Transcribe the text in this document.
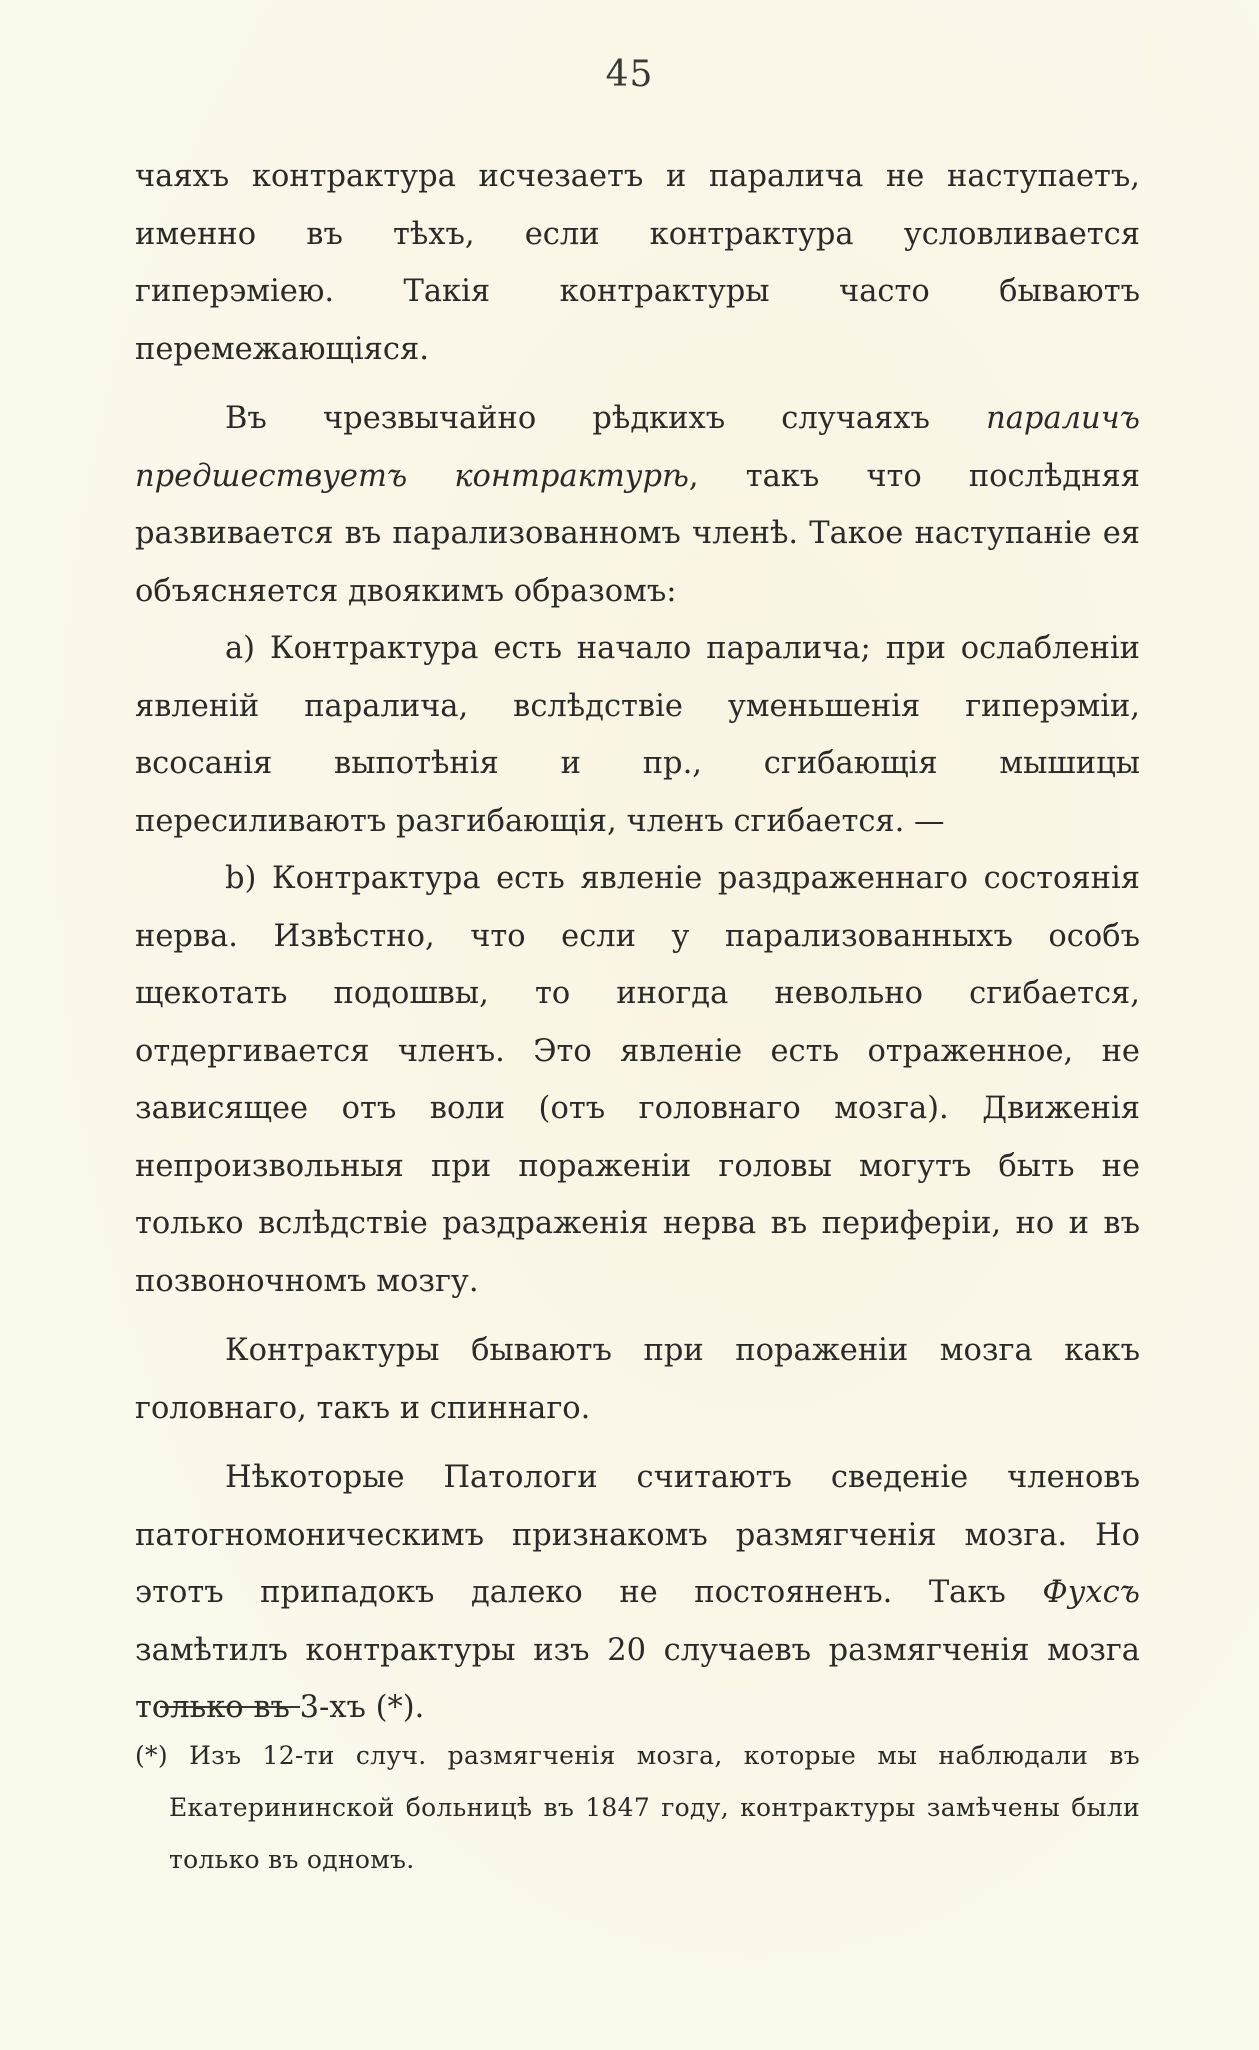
45

чаяхъ контрактура исчезаетъ и паралича не наступаетъ, именно въ тѣхъ, если контрактура условливается гиперэміею. Такія контрактуры часто бываютъ перемежающіяся.

Въ чрезвычайно рѣдкихъ случаяхъ параличъ предшествуетъ контрактурѣ, такъ что послѣдняя развивается въ парализованномъ членѣ. Такое наступаніе ея объясняется двоякимъ образомъ:

a) Контрактура есть начало паралича; при ослабленіи явленій паралича, вслѣдствіе уменьшенія гиперэміи, всосанія выпотѣнія и пр., сгибающія мышицы пересиливаютъ разгибающія, членъ сгибается. —

b) Контрактура есть явленіе раздраженнаго состоянія нерва. Извѣстно, что если у парализованныхъ особъ щекотать подошвы, то иногда невольно сгибается, отдергивается членъ. Это явленіе есть отраженное, не зависящее отъ воли (отъ головнаго мозга). Движенія непроизвольныя при пораженіи головы могутъ быть не только вслѣдствіе раздраженія нерва въ периферіи, но и въ позвоночномъ мозгу.

Контрактуры бываютъ при пораженіи мозга какъ головнаго, такъ и спиннаго.

Нѣкоторые Патологи считаютъ сведеніе членовъ патогномоническимъ признакомъ размягченія мозга. Но этотъ припадокъ далеко не постояненъ. Такъ Фухсъ замѣтилъ контрактуры изъ 20 случаевъ размягченія мозга только въ 3-хъ (*).

(*) Изъ 12-ти случ. размягченія мозга, которые мы наблюдали въ Екатерининской больницѣ въ 1847 году, контрактуры замѣчены были только въ одномъ.
